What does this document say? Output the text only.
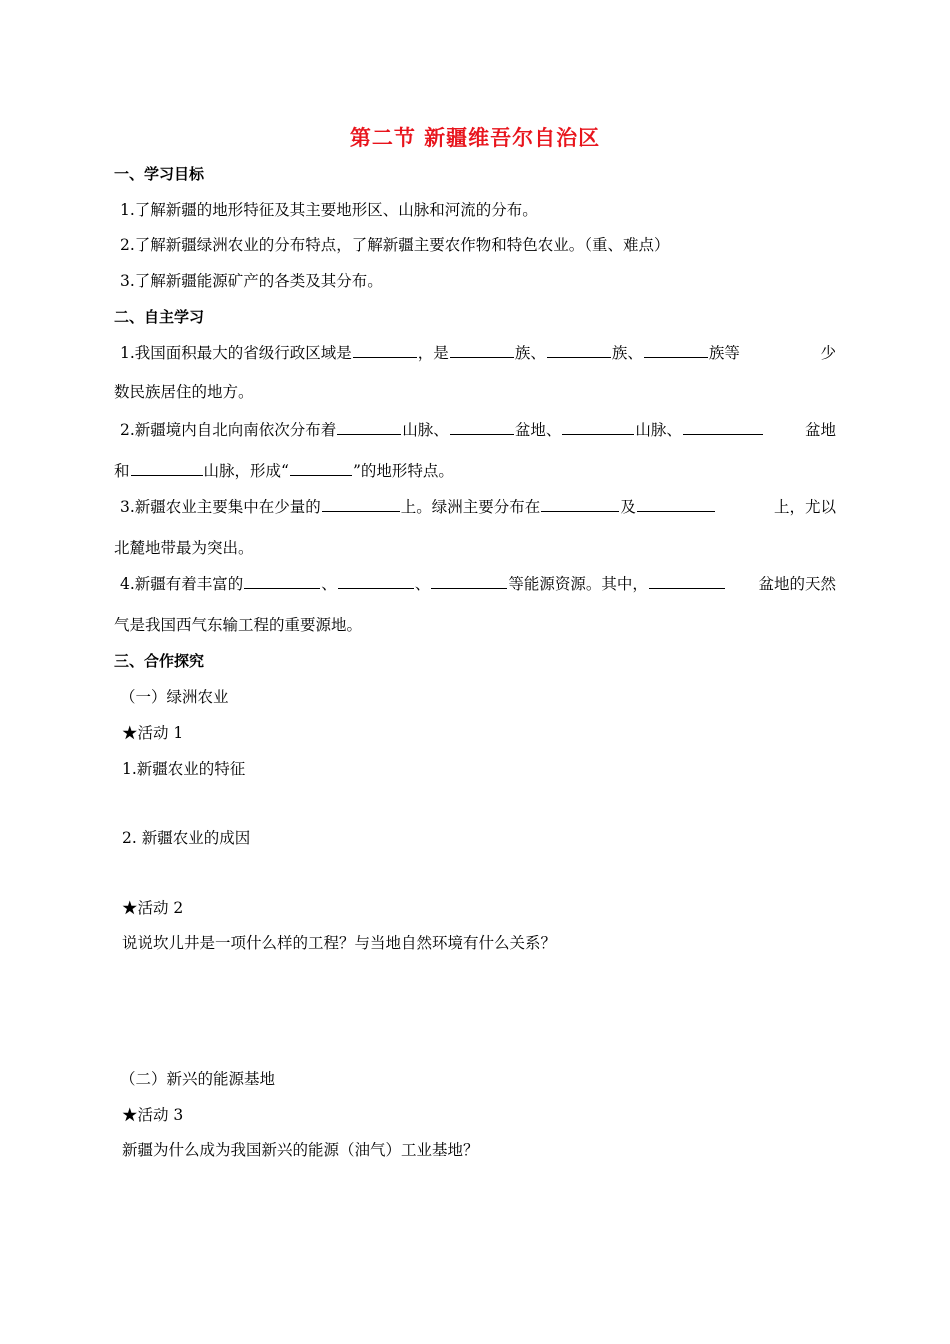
第二节 新疆维吾尔自治区
一、学习目标
1.了解新疆的地形特征及其主要地形区、山脉和河流的分布。
2.了解新疆绿洲农业的分布特点，了解新疆主要农作物和特色农业。（重、难点）
3.了解新疆能源矿产的各类及其分布。
二、自主学习
1.我国面积最大的省级行政区域是	，是	族、	族、	族等	少
数民族居住的地方。
2.新疆境内自北向南依次分布着	山脉、	盆地、	山脉、	盆地
和	山脉，形成“	”的地形特点。
3.新疆农业主要集中在少量的	上。绿洲主要分布在	及	上，尤以
北麓地带最为突出。
4.新疆有着丰富的	、	、	等能源资源。其中，	盆地的天然
气是我国西气东输工程的重要源地。
三、合作探究
（一）绿洲农业
★活动 1
1.新疆农业的特征
2. 新疆农业的成因
★活动 2
说说坎儿井是一项什么样的工程？与当地自然环境有什么关系？
（二）新兴的能源基地
★活动 3
新疆为什么成为我国新兴的能源（油气）工业基地？
